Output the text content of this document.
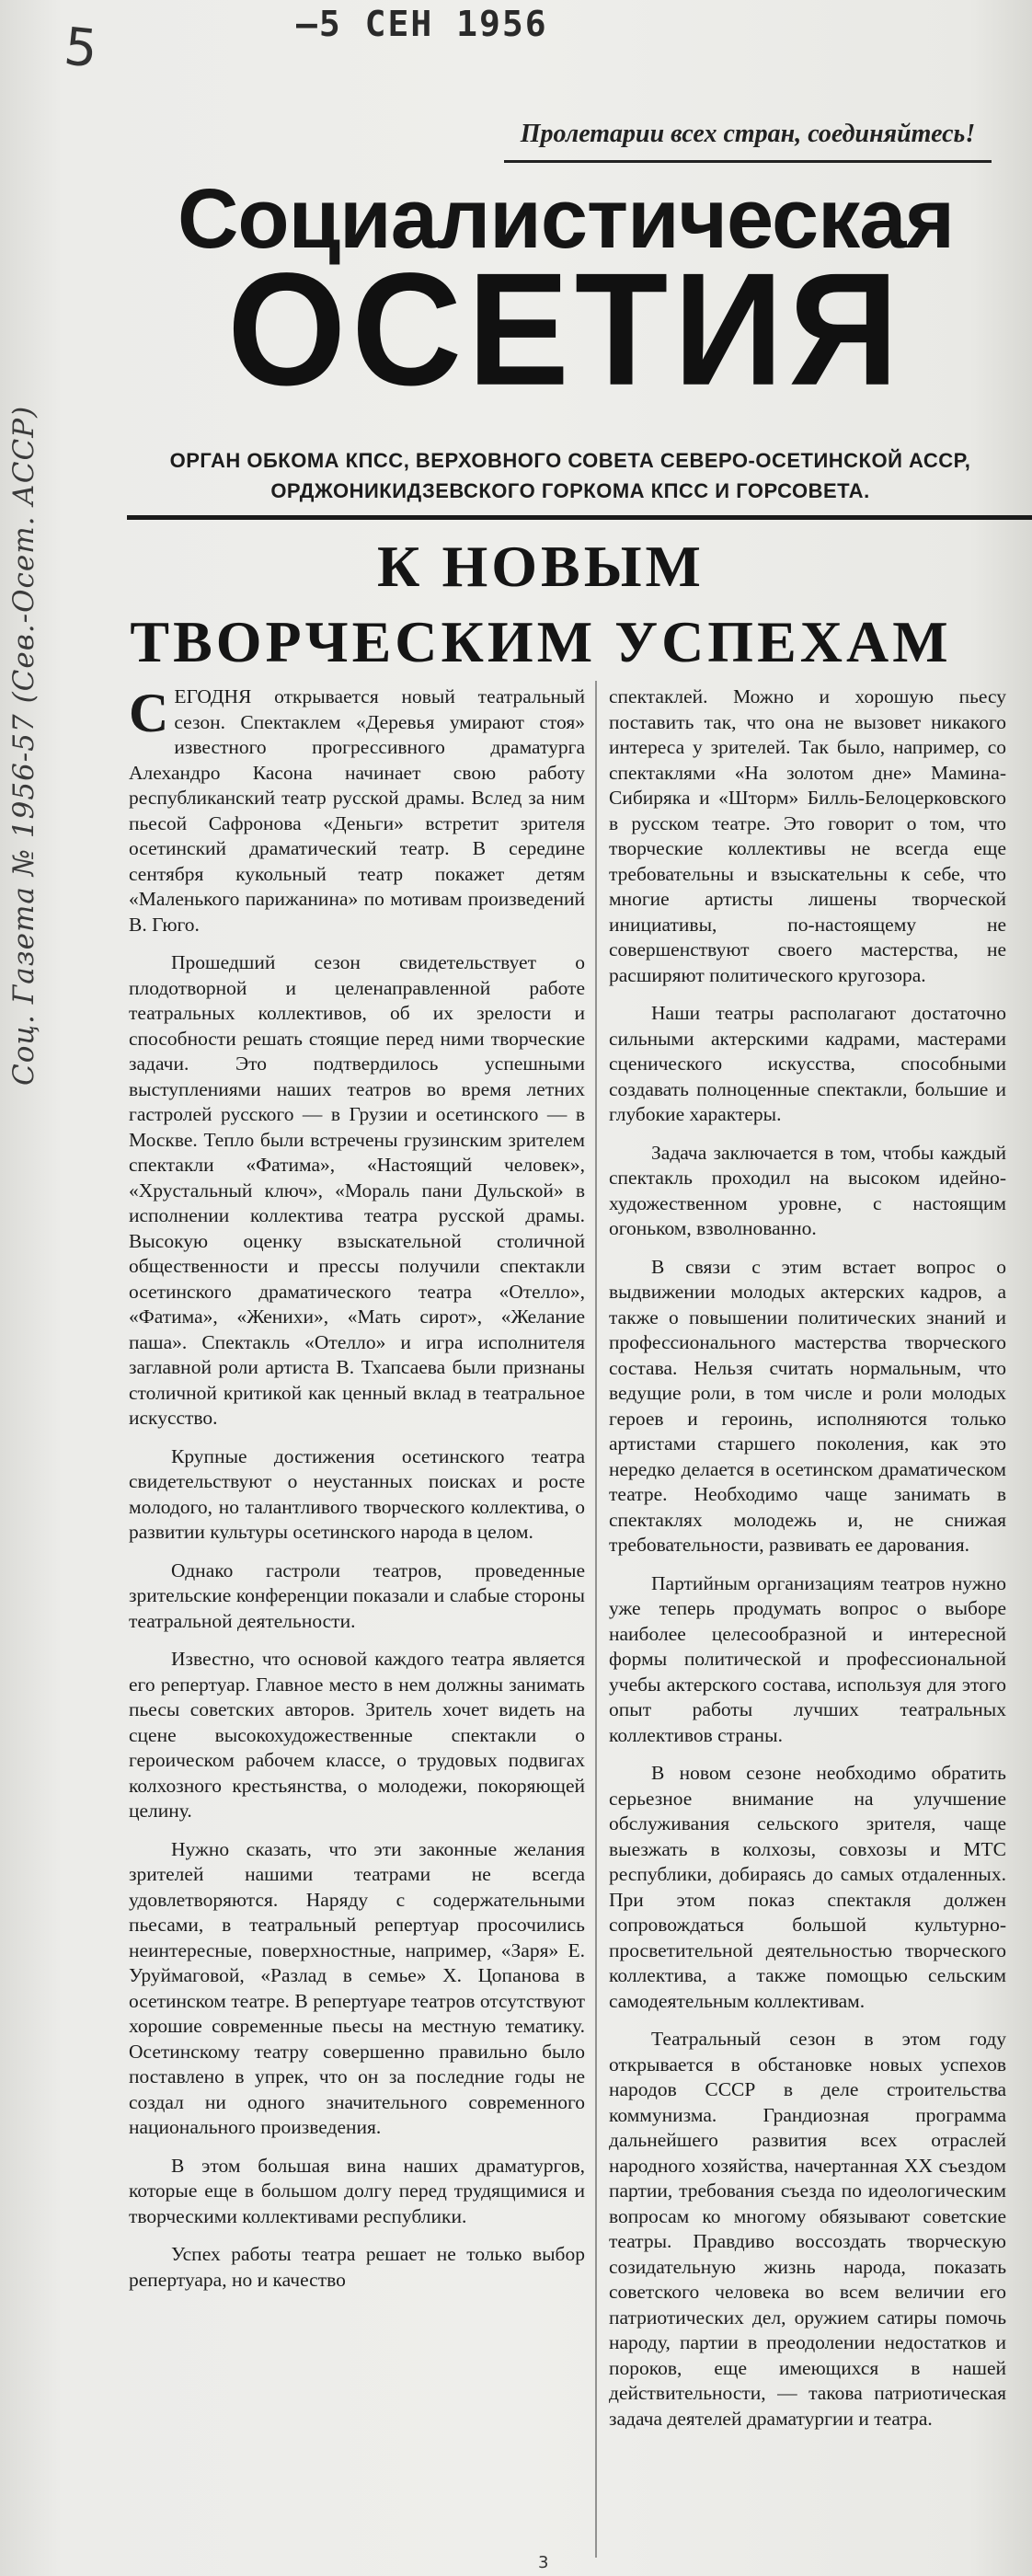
5	—5 СЕН 1956
Соц. Газета № 1956-57 (Сев.-Осет. АССР)
Пролетарии всех стран, соединяйтесь!
Социалистическая
ОСЕТИЯ
ОРГАН ОБКОМА КПСС, ВЕРХОВНОГО СОВЕТА СЕВЕРО-ОСЕТИНСКОЙ АССР, ОРДЖОНИКИДЗЕВСКОГО ГОРКОМА КПСС И ГОРСОВЕТА.
К НОВЫМ
ТВОРЧЕСКИМ УСПЕХАМ

СЕГОДНЯ открывается новый театральный сезон. Спектаклем «Деревья умирают стоя» известного прогрессивного драматурга Алехандро Касона начинает свою работу республиканский театр русской драмы. Вслед за ним пьесой Сафронова «Деньги» встретит зрителя осетинский драматический театр. В середине сентября кукольный театр покажет детям «Маленького парижанина» по мотивам произведений В. Гюго.

Прошедший сезон свидетельствует о плодотворной и целенаправленной работе театральных коллективов, об их зрелости и способности решать стоящие перед ними творческие задачи. Это подтвердилось успешными выступлениями наших театров во время летних гастролей русского — в Грузии и осетинского — в Москве. Тепло были встречены грузинским зрителем спектакли «Фатима», «Настоящий человек», «Хрустальный ключ», «Мораль пани Дульской» в исполнении коллектива театра русской драмы. Высокую оценку взыскательной столичной общественности и прессы получили спектакли осетинского драматического театра «Отелло», «Фатима», «Женихи», «Мать сирот», «Желание паша». Спектакль «Отелло» и игра исполнителя заглавной роли артиста В. Тхапсаева были признаны столичной критикой как ценный вклад в театральное искусство.

Крупные достижения осетинского театра свидетельствуют о неустанных поисках и росте молодого, но талантливого творческого коллектива, о развитии культуры осетинского народа в целом.

Однако гастроли театров, проведенные зрительские конференции показали и слабые стороны театральной деятельности.

Известно, что основой каждого театра является его репертуар. Главное место в нем должны занимать пьесы советских авторов. Зритель хочет видеть на сцене высокохудожественные спектакли о героическом рабочем классе, о трудовых подвигах колхозного крестьянства, о молодежи, покоряющей целину.

Нужно сказать, что эти законные желания зрителей нашими театрами не всегда удовлетворяются. Наряду с содержательными пьесами, в театральный репертуар просочились неинтересные, поверхностные, например, «Заря» Е. Уруймаговой, «Разлад в семье» Х. Цопанова в осетинском театре. В репертуаре театров отсутствуют хорошие современные пьесы на местную тематику. Осетинскому театру совершенно правильно было поставлено в упрек, что он за последние годы не создал ни одного значительного современного национального произведения.

В этом большая вина наших драматургов, которые еще в большом долгу перед трудящимися и творческими коллективами республики.

Успех работы театра решает не только выбор репертуара, но и качество

спектаклей. Можно и хорошую пьесу поставить так, что она не вызовет никакого интереса у зрителей. Так было, например, со спектаклями «На золотом дне» Мамина-Сибиряка и «Шторм» Билль-Белоцерковского в русском театре. Это говорит о том, что творческие коллективы не всегда еще требовательны и взыскательны к себе, что многие артисты лишены творческой инициативы, по-настоящему не совершенствуют своего мастерства, не расширяют политического кругозора.

Наши театры располагают достаточно сильными актерскими кадрами, мастерами сценического искусства, способными создавать полноценные спектакли, большие и глубокие характеры.

Задача заключается в том, чтобы каждый спектакль проходил на высоком идейно-художественном уровне, с настоящим огоньком, взволнованно.

В связи с этим встает вопрос о выдвижении молодых актерских кадров, а также о повышении политических знаний и профессионального мастерства творческого состава. Нельзя считать нормальным, что ведущие роли, в том числе и роли молодых героев и героинь, исполняются только артистами старшего поколения, как это нередко делается в осетинском драматическом театре. Необходимо чаще занимать в спектаклях молодежь и, не снижая требовательности, развивать ее дарования.

Партийным организациям театров нужно уже теперь продумать вопрос о выборе наиболее целесообразной и интересной формы политической и профессиональной учебы актерского состава, используя для этого опыт работы лучших театральных коллективов страны.

В новом сезоне необходимо обратить серьезное внимание на улучшение обслуживания сельского зрителя, чаще выезжать в колхозы, совхозы и МТС республики, добираясь до самых отдаленных. При этом показ спектакля должен сопровождаться большой культурно-просветительной деятельностью творческого коллектива, а также помощью сельским самодеятельным коллективам.

Театральный сезон в этом году открывается в обстановке новых успехов народов СССР в деле строительства коммунизма. Грандиозная программа дальнейшего развития всех отраслей народного хозяйства, начертанная XX съездом партии, требования съезда по идеологическим вопросам ко многому обязывают советские театры. Правдиво воссоздать творческую созидательную жизнь народа, показать советского человека во всем величии его патриотических дел, оружием сатиры помочь народу, партии в преодолении недостатков и пороков, еще имеющихся в нашей действительности, — такова патриотическая задача деятелей драматургии и театра.

3
